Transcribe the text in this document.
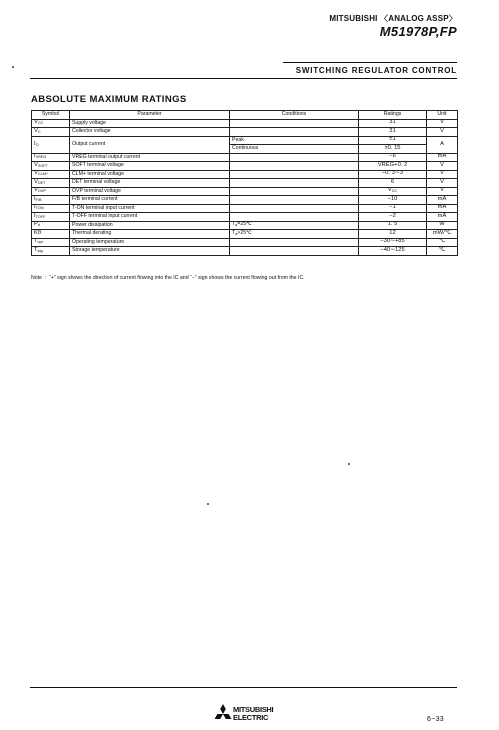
MITSUBISHI 〈ANALOG ASSP〉
M51978P,FP
SWITCHING REGULATOR CONTROL
ABSOLUTE MAXIMUM RATINGS
Symbol	Parameter	Conditions	Ratings	Unit
$V_{CC}$	Supply voltage		31	V
$V_C$	Collector voltage		31	V
$I_O$	Output current	Peak	±1	A
		Continuous	±0. 15	
$I_{VREG}$	VREG terminal output current		−6	mA
$V_{SOFT}$	SOFT terminal voltage		VREG+0. 2	V
$V_{CLM+}$	CLM+ terminal voltage		−0. 3∼3	V
$V_{DET}$	DET terminal voltage		6	V
$V_{OVP}$	OVP terminal voltage		$V_{CC}$	V
$I_{F/B}$	F/B terminal current		−10	mA
$I_{TON}$	T-ON terminal input current		−1	mA
$I_{TOFF}$	T-OFF terminal input current		−2	mA
$P_d$	Power dissipation	$T_a=25℃$	1. 5	W
Kθ	Thermal derating	$T_a>25℃$	12	mW/℃
$T_{opr}$	Operating temperature		−30∼+85	℃
$T_{stg}$	Storage temperature		−40∼125	℃
Note  :  “+” sign shows the direction of current flowing into the IC and “−” sign shows the current flowing out from the IC.
MITSUBISHI
ELECTRIC	6−33
